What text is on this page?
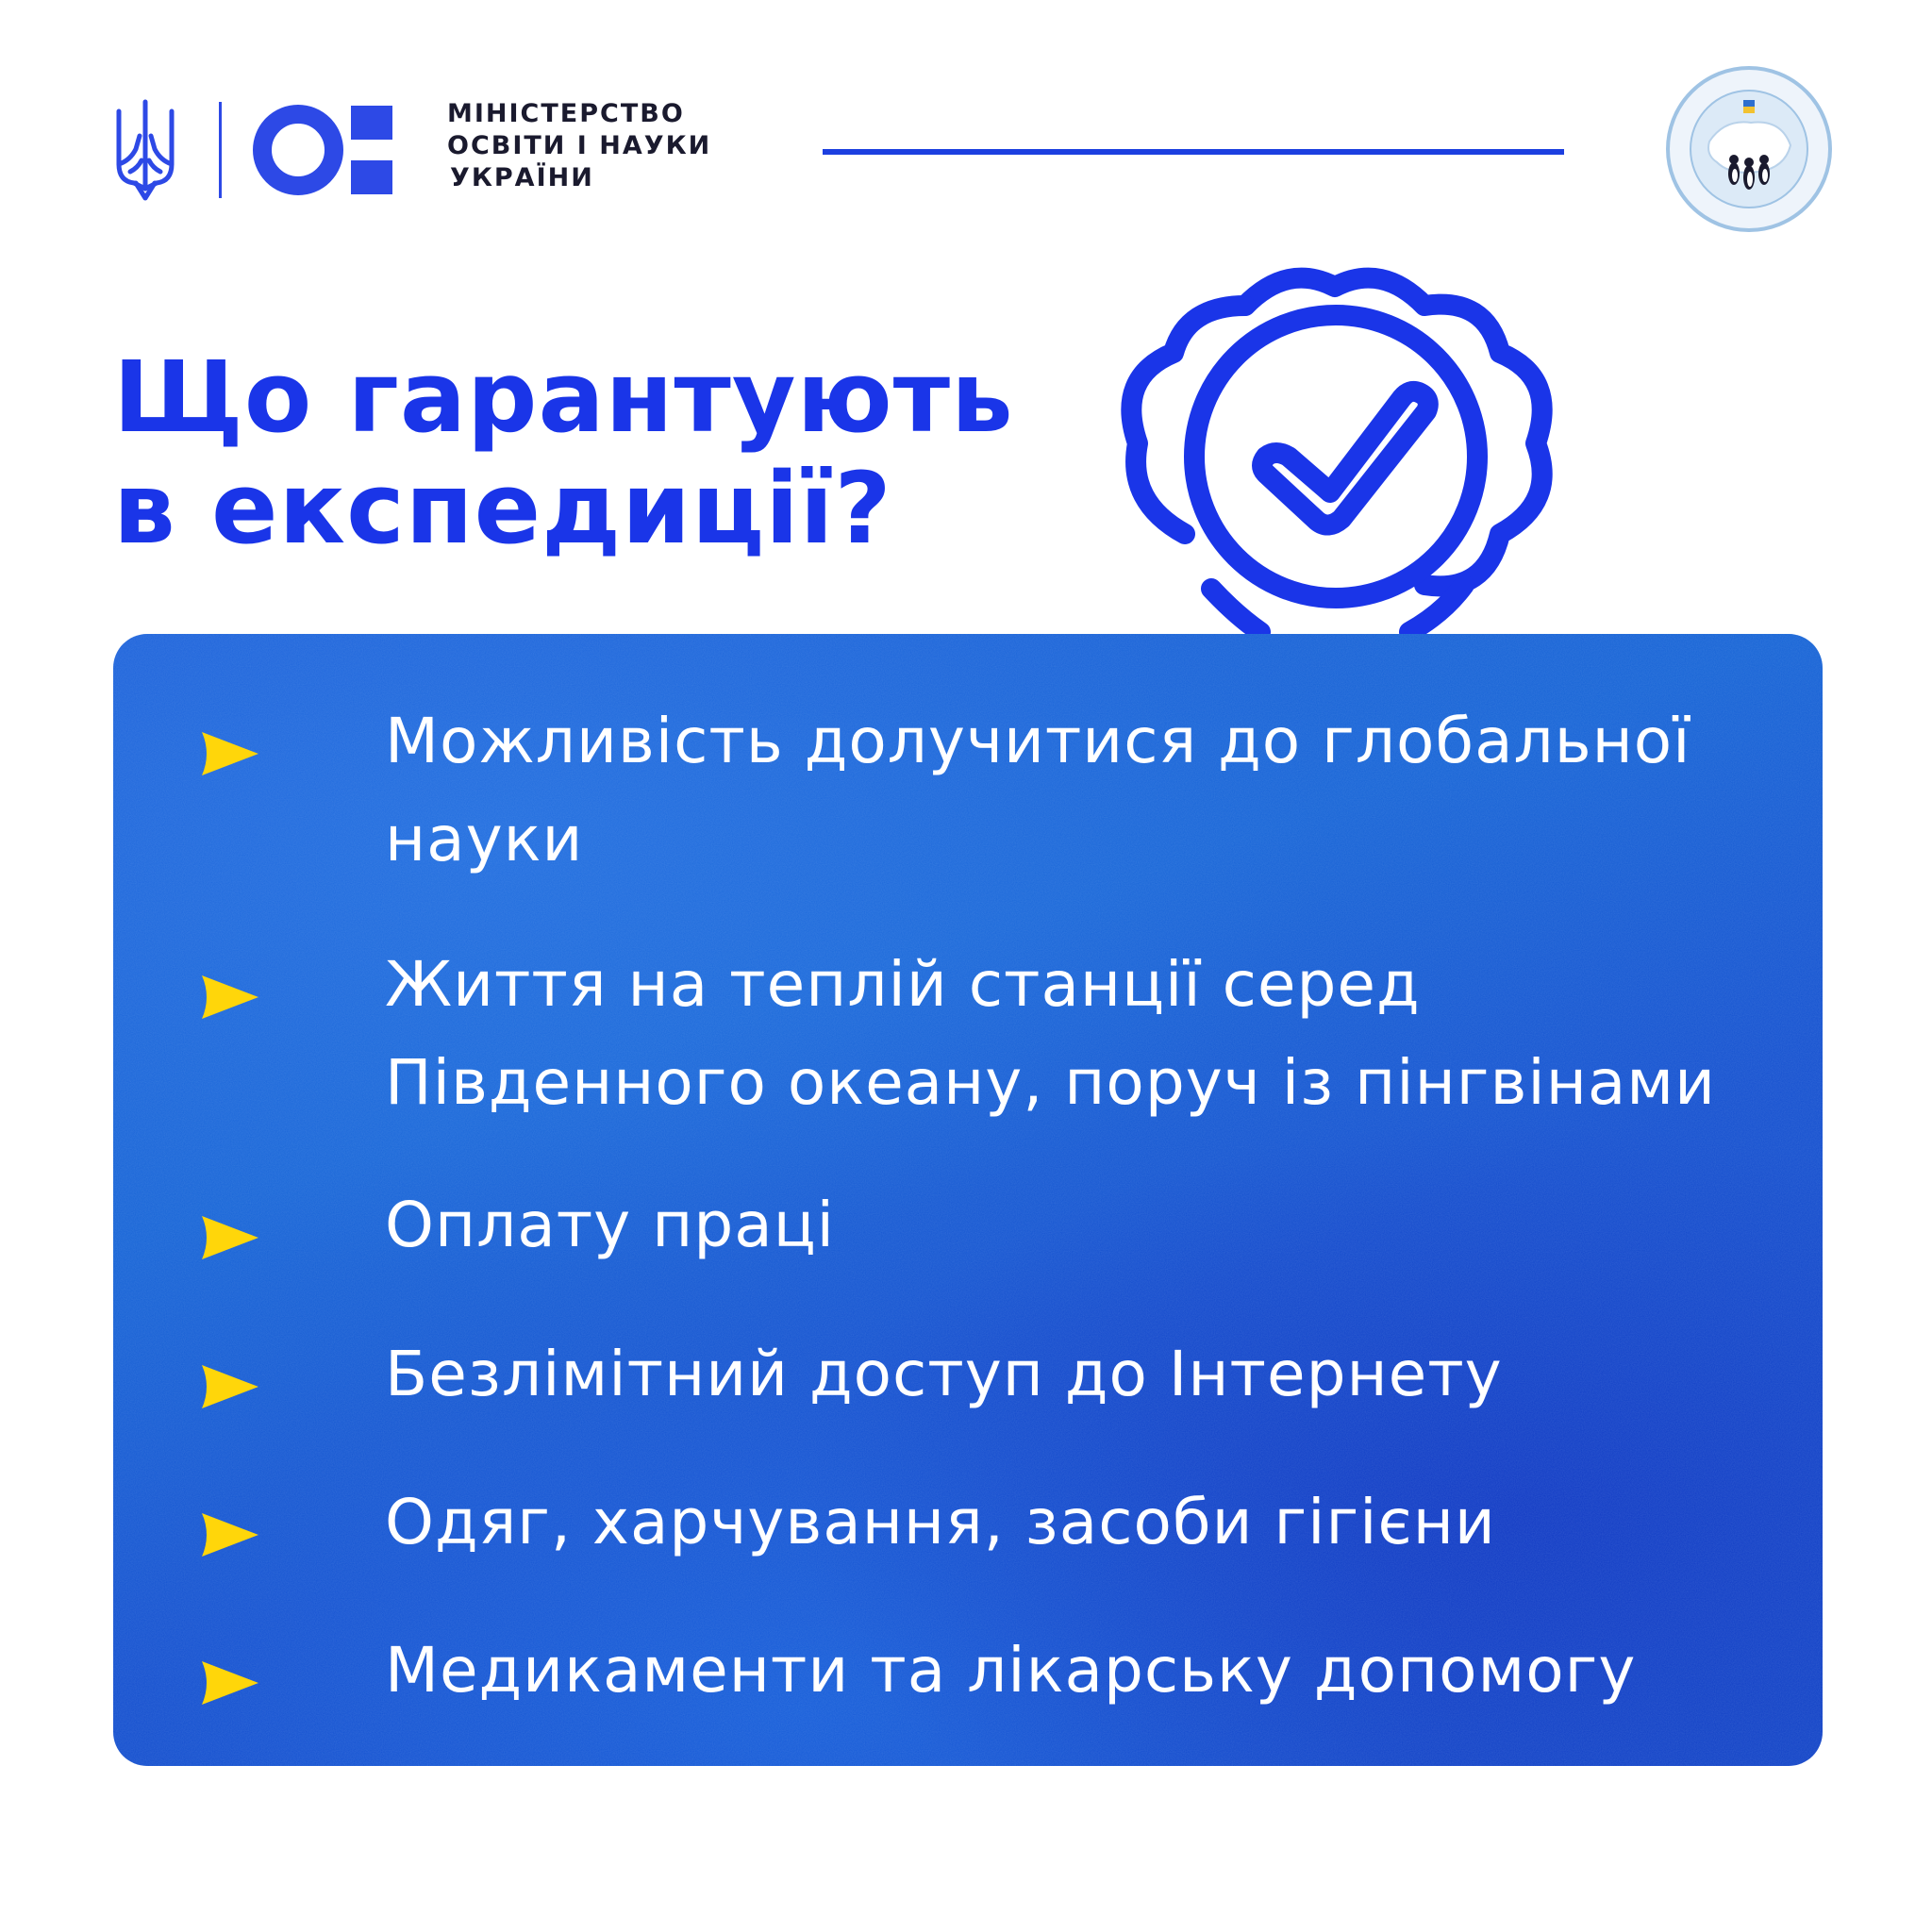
МІНІСТЕРСТВО
ОСВІТИ І НАУКИ
УКРАЇНИ
Що гарантують
в експедиції?
Можливість долучитися до глобальної
науки
Життя на теплій станції серед
Південного океану, поруч із пінгвінами
Оплату праці
Безлімітний доступ до Інтернету
Одяг, харчування, засоби гігієни
Медикаменти та лікарську допомогу
